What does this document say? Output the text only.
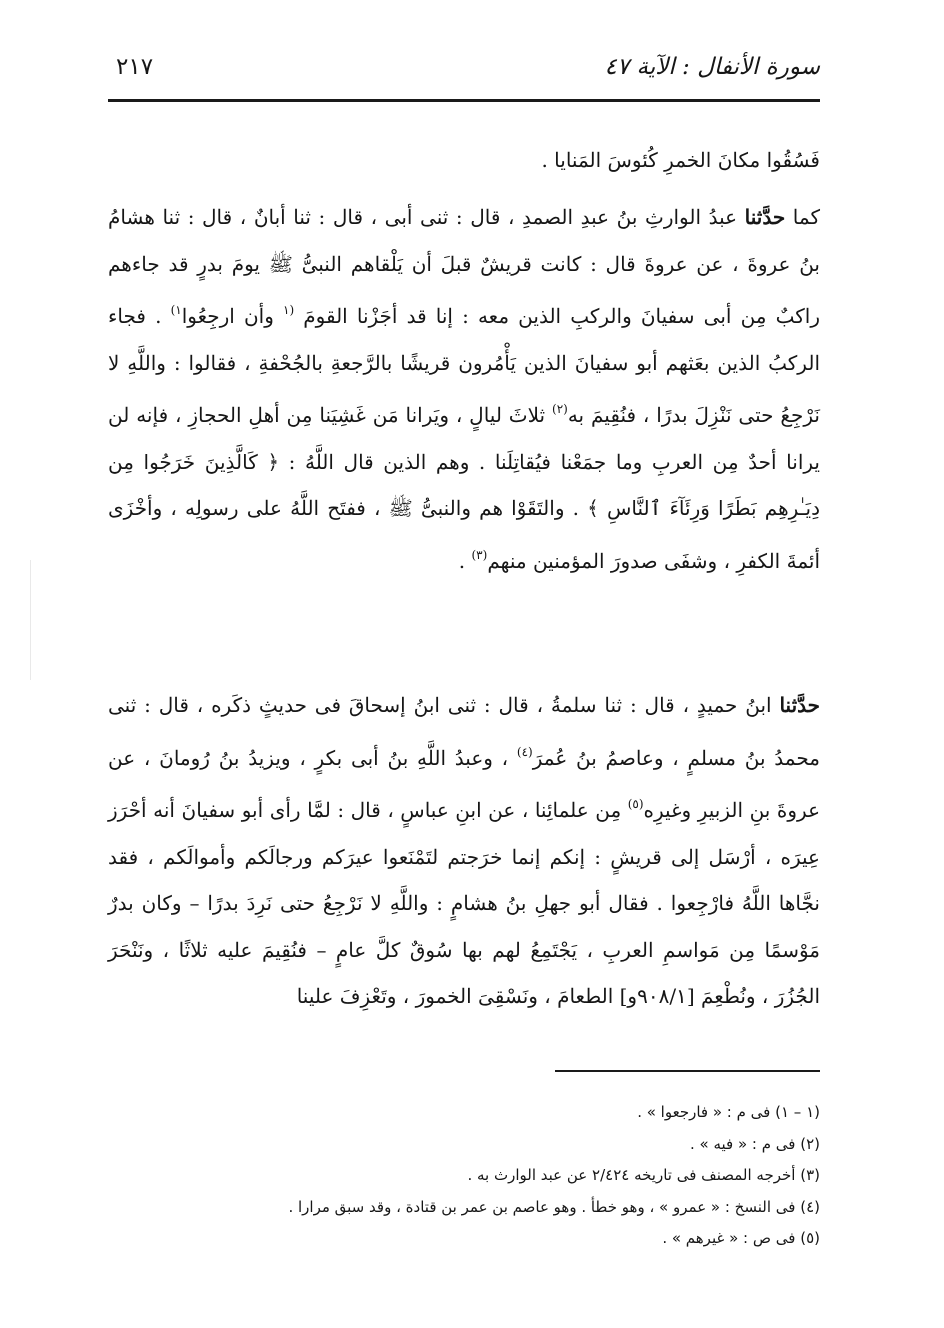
سورة الأنفال : الآية ٤٧
٢١٧
فَسُقُوا مكانَ الخمرِ كُئوسَ المَنايا .

كما حدَّثنا عبدُ الوارثِ بنُ عبدِ الصمدِ ، قال : ثنى أبى ، قال : ثنا أبانٌ ، قال : ثنا هشامُ بنُ عروةَ ، عن عروةَ قال : كانت قريشٌ قبلَ أن يَلْقاهم النبىُّ ﷺ يومَ بدرٍ قد جاءهم راكبٌ مِن أبى سفيانَ والركبِ الذين معه : إنا قد أجَزْنا القومَ $^{(١}$ وأن ارجِعُوا$^{١)}$ . فجاء الركبُ الذين بعَثهم أبو سفيانَ الذين يَأْمُرون قريشًا بالرَّجعةِ بالجُحْفةِ ، فقالوا : واللَّهِ لا نَرْجِعُ حتى نَنْزِلَ بدرًا ، فنُقِيمَ به$^{(٢)}$ ثلاثَ ليالٍ ، ويَرانا مَن غَشِيَنا مِن أهلِ الحجازِ ، فإنه لن يرانا أحدٌ مِن العربِ وما جمَعْنا فيُقاتِلَنا . وهم الذين قال اللَّهُ : ﴿ كَالَّذِينَ خَرَجُوا مِن دِيَـٰرِهِم بَطَرًا وَرِئَآءَ ٱلنَّاسِ ﴾ . والتَقَوْا هم والنبىُّ ﷺ ، ففتَح اللَّهُ على رسولِه ، وأخْزَى أئمةَ الكفرِ ، وشفَى صدورَ المؤمنين منهم$^{(٣)}$ .

حدَّثنا ابنُ حميدٍ ، قال : ثنا سلمةُ ، قال : ثنى ابنُ إسحاقَ فى حديثٍ ذكَره ، قال : ثنى محمدُ بنُ مسلمٍ ، وعاصمُ بنُ عُمرَ$^{(٤)}$ ، وعبدُ اللَّهِ بنُ أبى بكرٍ ، ويزيدُ بنُ رُومانَ ، عن عروةَ بنِ الزبيرِ وغيرِه$^{(٥)}$ مِن علمائِنا ، عن ابنِ عباسٍ ، قال : لمَّا رأى أبو سفيانَ أنه أحْرَز عِيرَه ، أرْسَل إلى قريشٍ : إنكم إنما خرَجتم لتَمْنَعوا عيرَكم ورجالَكم وأموالَكم ، فقد نجَّاها اللَّهُ فارْجِعوا . فقال أبو جهلِ بنُ هشامٍ : واللَّهِ لا نَرْجِعُ حتى نَرِدَ بدرًا – وكان بدرٌ مَوْسمًا مِن مَواسمِ العربِ ، يَجْتَمِعُ لهم بها سُوقٌ كلَّ عامٍ – فنُقِيمَ عليه ثلاثًا ، ونَنْحَرَ الجُزُرَ ، ونُطْعِمَ [٩٠٨/١و] الطعامَ ، ونَسْقِىَ الخمورَ ، وتَعْزِفَ علينا

(١ – ١) فى م : « فارجعوا » .

(٢) فى م : « فيه » .

(٣) أخرجه المصنف فى تاريخه ٢/٤٢٤ عن عبد الوارث به .

(٤) فى النسخ : « عمرو » ، وهو خطأ . وهو عاصم بن عمر بن قتادة ، وقد سبق مرارا .

(٥) فى ص : « غيرهم » .
